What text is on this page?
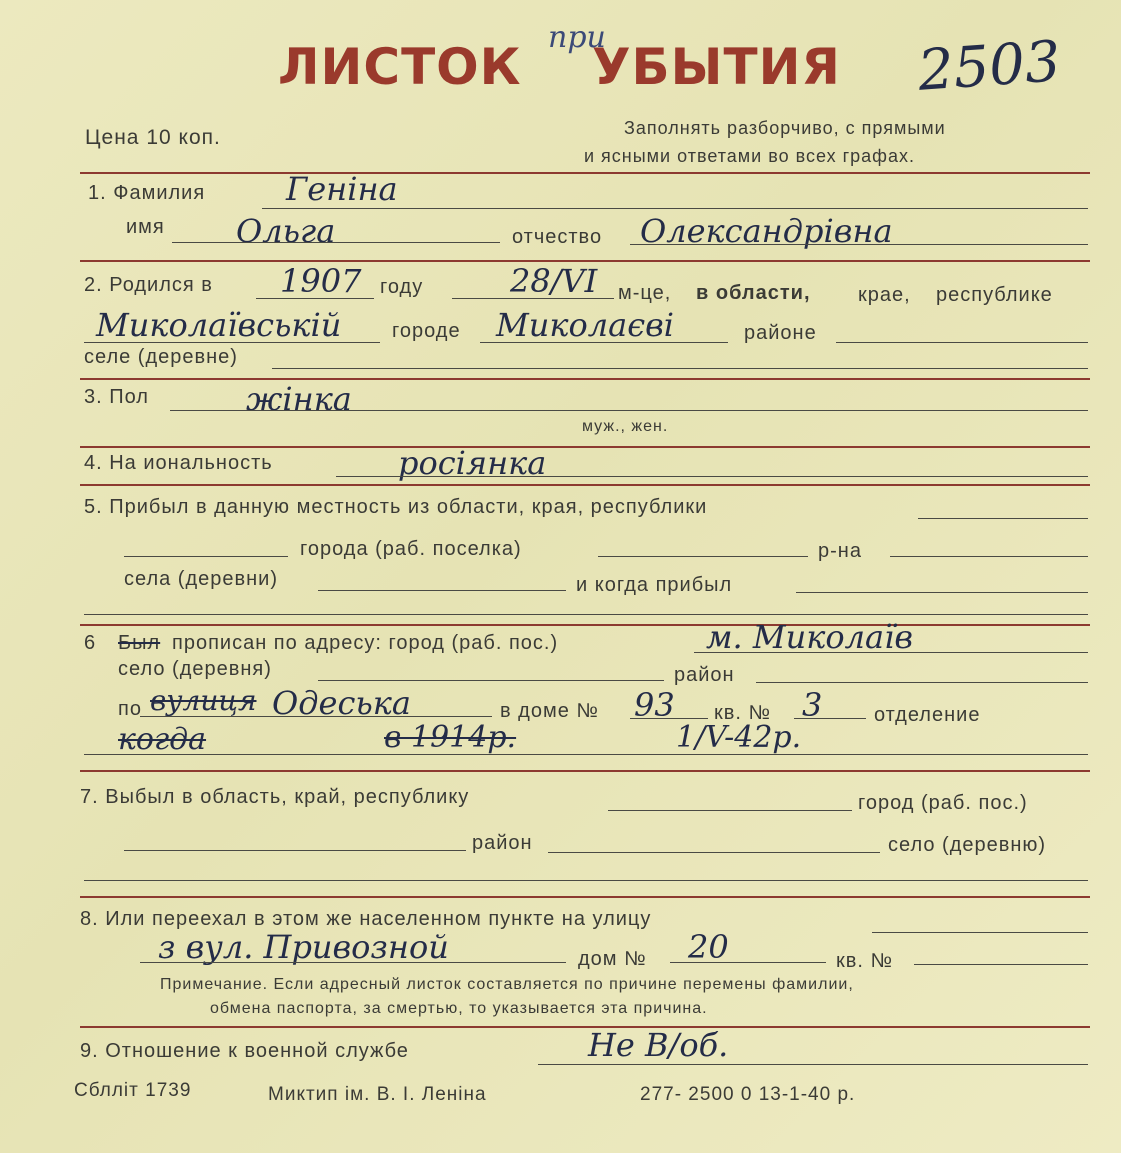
ЛИСТОК
при
УБЫТИЯ 2503
Цена 10 коп.	Заполнять разборчиво, с прямыми
и ясными ответами во всех графах.
1. Фамилия	Геніна
имя Ольга	отчество Олександрівна
2. Родился в 1907 году	28/VI м-це, в области, крае, республике
Миколаївській	городе Миколаєві	районе
селе (деревне)
3. Пол	жінка
муж., жен.
4. На иональность	росіянка
5. Прибыл в данную местность из области, края, республики
города (раб. поселка)	р-на
села (деревни)	и когда прибыл
6 Был прописан по адресу: город (раб. пос.)	м. Миколаїв
село (деревня)	район
по вулиця Одеська	в доме № 93 кв. № 3	отделение
когда	в 1914р.	1/V-42р.
7. Выбыл в область, край, республику	город (раб. пос.)
район	село (деревню)
8. Или переехал в этом же населенном пункте на улицу
з вул. Привозной	дом № 20	кв. №
Примечание. Если адресный листок составляется по причине перемены фамилии,
обмена паспорта, за смертью, то указывается эта причина.
9. Отношение к военной службе	Не В/об.
Сблліт 1739	Миктип ім. В. І. Леніна	277- 2500 0 13-1-40 р.
